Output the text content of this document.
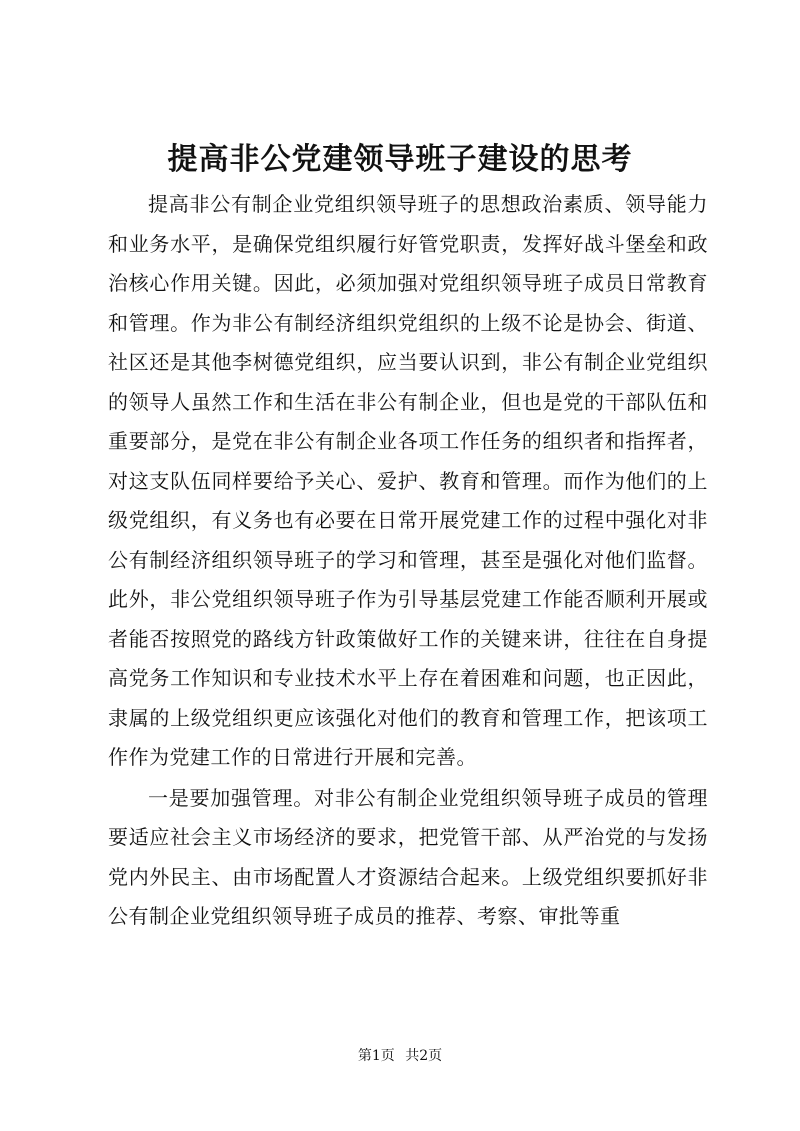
提高非公党建领导班子建设的思考

提高非公有制企业党组织领导班子的思想政治素质、领导能力和业务水平，是确保党组织履行好管党职责，发挥好战斗堡垒和政治核心作用关键。因此，必须加强对党组织领导班子成员日常教育和管理。作为非公有制经济组织党组织的上级不论是协会、街道、社区还是其他李树德党组织，应当要认识到，非公有制企业党组织的领导人虽然工作和生活在非公有制企业，但也是党的干部队伍和重要部分，是党在非公有制企业各项工作任务的组织者和指挥者，对这支队伍同样要给予关心、爱护、教育和管理。而作为他们的上级党组织，有义务也有必要在日常开展党建工作的过程中强化对非公有制经济组织领导班子的学习和管理，甚至是强化对他们监督。此外，非公党组织领导班子作为引导基层党建工作能否顺利开展或者能否按照党的路线方针政策做好工作的关键来讲，往往在自身提高党务工作知识和专业技术水平上存在着困难和问题，也正因此，隶属的上级党组织更应该强化对他们的教育和管理工作，把该项工作作为党建工作的日常进行开展和完善。

一是要加强管理。对非公有制企业党组织领导班子成员的管理要适应社会主义市场经济的要求，把党管干部、从严治党的与发扬党内外民主、由市场配置人才资源结合起来。上级党组织要抓好非公有制企业党组织领导班子成员的推荐、考察、审批等重

第1页 共2页
